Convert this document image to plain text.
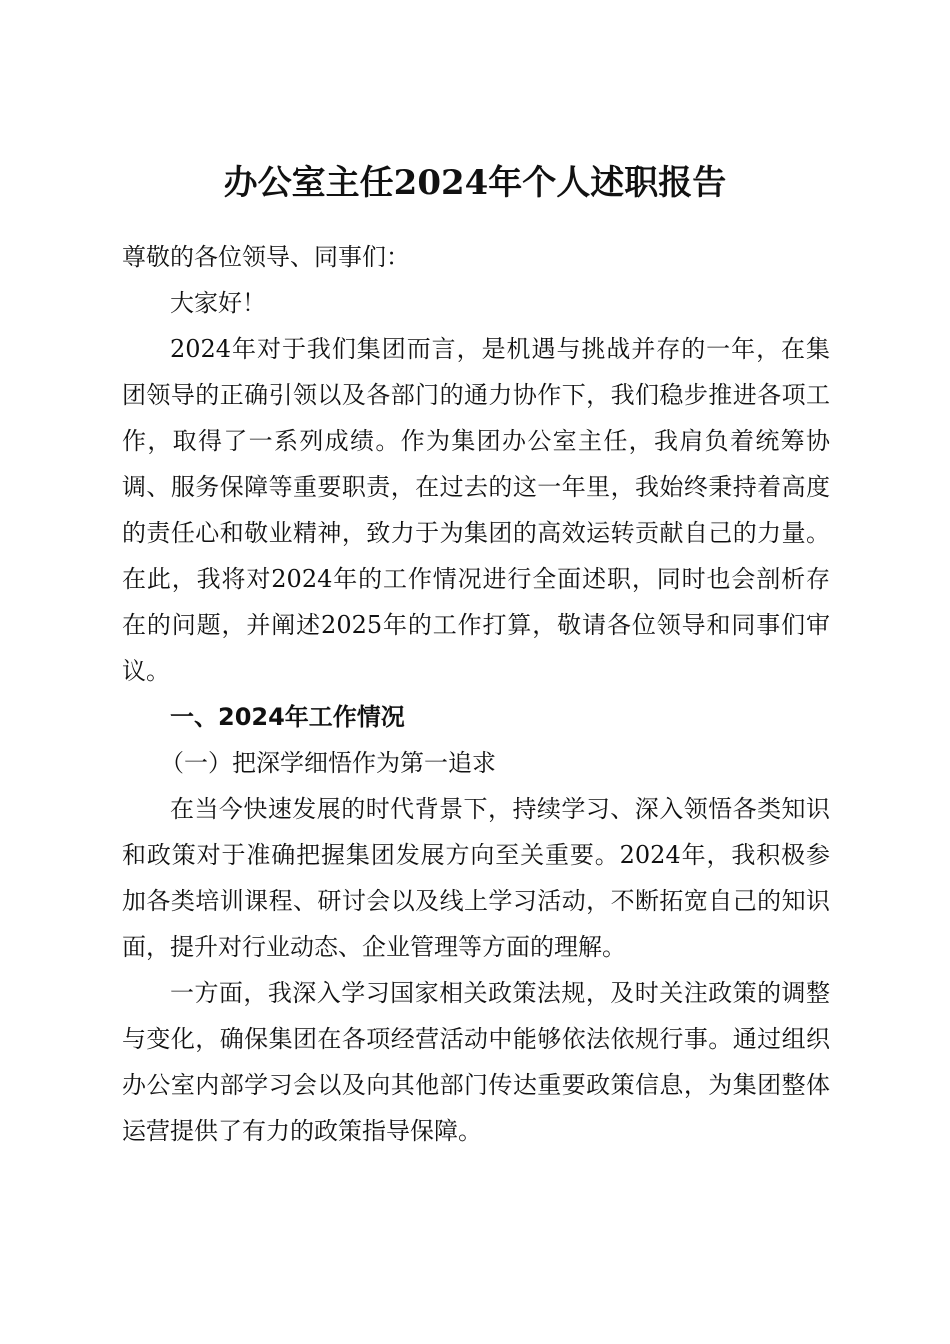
办公室主任2024年个人述职报告

尊敬的各位领导、同事们：

大家好！

2024年对于我们集团而言，是机遇与挑战并存的一年，在集团领导的正确引领以及各部门的通力协作下，我们稳步推进各项工作，取得了一系列成绩。作为集团办公室主任，我肩负着统筹协调、服务保障等重要职责，在过去的这一年里，我始终秉持着高度的责任心和敬业精神，致力于为集团的高效运转贡献自己的力量。在此，我将对2024年的工作情况进行全面述职，同时也会剖析存在的问题，并阐述2025年的工作打算，敬请各位领导和同事们审议。

一、2024年工作情况

（一）把深学细悟作为第一追求

在当今快速发展的时代背景下，持续学习、深入领悟各类知识和政策对于准确把握集团发展方向至关重要。2024年，我积极参加各类培训课程、研讨会以及线上学习活动，不断拓宽自己的知识面，提升对行业动态、企业管理等方面的理解。

一方面，我深入学习国家相关政策法规，及时关注政策的调整与变化，确保集团在各项经营活动中能够依法依规行事。通过组织办公室内部学习会以及向其他部门传达重要政策信息，为集团整体运营提供了有力的政策指导保障。
